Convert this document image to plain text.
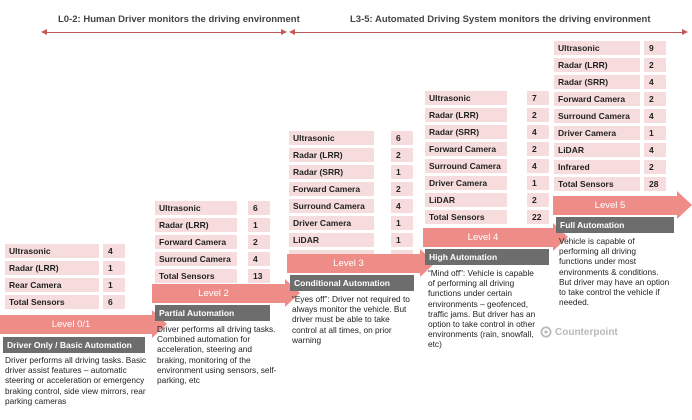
L0-2: Human Driver monitors the driving environment	L3-5: Automated Driving System monitors the driving environment
Ultrasonic	4
Radar (LRR)	1
Rear Camera	1
Total Sensors	6
Level 0/1
Driver Only / Basic Automation
Driver performs all driving tasks. Basic driver assist features – automatic steering or acceleration or emergency braking control, side view mirrors, rear parking cameras
Ultrasonic	6
Radar (LRR)	1
Forward Camera	2
Surround Camera	4
Total Sensors	13
Level 2
Partial Automation
Driver performs all driving tasks. Combined automation for acceleration, steering and braking, monitoring of the environment using sensors, self-parking, etc
Ultrasonic	6
Radar (LRR)	2
Radar (SRR)	1
Forward Camera	2
Surround Camera	4
Driver Camera	1
LiDAR	1
Level 3
Conditional Automation
“Eyes off”: Driver not required to always monitor the vehicle. But driver must be able to take control at all times, on prior warning
Ultrasonic	7
Radar (LRR)	2
Radar (SRR)	4
Forward Camera	2
Surround Camera	4
Driver Camera	1
LiDAR	2
Total Sensors	22
Level 4
High Automation
“Mind off”: Vehicle is capable of performing all driving functions under certain environments – geofenced, traffic jams. But driver has an option to take control in other environments (rain, snowfall, etc)
Ultrasonic	9
Radar (LRR)	2
Radar (SRR)	4
Forward Camera	2
Surround Camera	4
Driver Camera	1
LiDAR	4
Infrared	2
Total Sensors	28
Level 5
Full Automation
Vehicle is capable of performing all driving functions under most environments & conditions. But driver may have an option to take control the vehicle if needed.
Counterpoint
